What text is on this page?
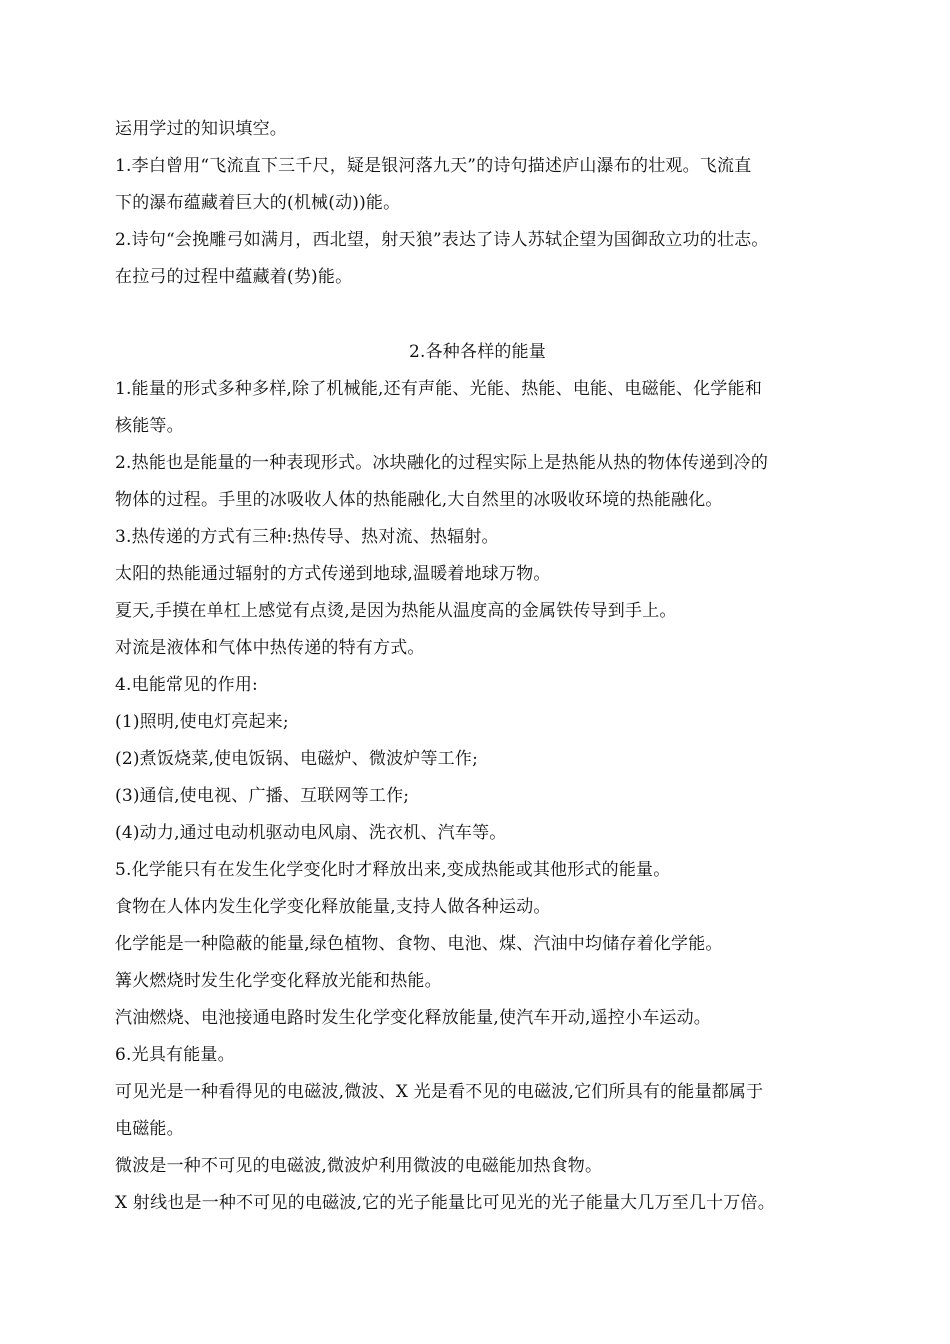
运用学过的知识填空。
1.李白曾用“飞流直下三千尺，疑是银河落九天”的诗句描述庐山瀑布的壮观。飞流直
下的瀑布蕴藏着巨大的(机械(动))能。
2.诗句“会挽雕弓如满月，西北望，射天狼”表达了诗人苏轼企望为国御敌立功的壮志。
在拉弓的过程中蕴藏着(势)能。
2.各种各样的能量
1.能量的形式多种多样,除了机械能,还有声能、光能、热能、电能、电磁能、化学能和
核能等。
2.热能也是能量的一种表现形式。冰块融化的过程实际上是热能从热的物体传递到冷的
物体的过程。手里的冰吸收人体的热能融化,大自然里的冰吸收环境的热能融化。
3.热传递的方式有三种:热传导、热对流、热辐射。
太阳的热能通过辐射的方式传递到地球,温暖着地球万物。
夏天,手摸在单杠上感觉有点烫,是因为热能从温度高的金属铁传导到手上。
对流是液体和气体中热传递的特有方式。
4.电能常见的作用:
(1)照明,使电灯亮起来;
(2)煮饭烧菜,使电饭锅、电磁炉、微波炉等工作;
(3)通信,使电视、广播、互联网等工作;
(4)动力,通过电动机驱动电风扇、洗衣机、汽车等。
5.化学能只有在发生化学变化时才释放出来,变成热能或其他形式的能量。
食物在人体内发生化学变化释放能量,支持人做各种运动。
化学能是一种隐蔽的能量,绿色植物、食物、电池、煤、汽油中均储存着化学能。
篝火燃烧时发生化学变化释放光能和热能。
汽油燃烧、电池接通电路时发生化学变化释放能量,使汽车开动,遥控小车运动。
6.光具有能量。
可见光是一种看得见的电磁波,微波、X 光是看不见的电磁波,它们所具有的能量都属于
电磁能。
微波是一种不可见的电磁波,微波炉利用微波的电磁能加热食物。
X 射线也是一种不可见的电磁波,它的光子能量比可见光的光子能量大几万至几十万倍。
